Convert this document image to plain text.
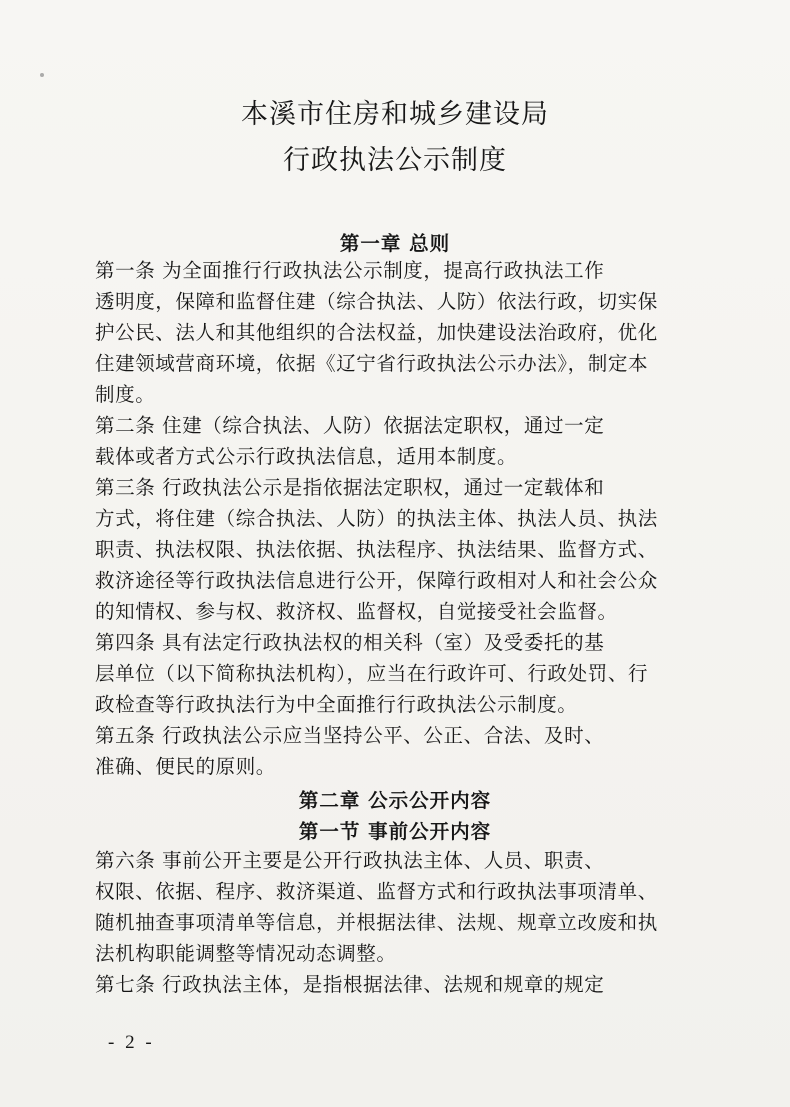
本溪市住房和城乡建设局
行政执法公示制度
第一章 总则
第一条 为全面推行行政执法公示制度，提高行政执法工作
透明度，保障和监督住建（综合执法、人防）依法行政，切实保
护公民、法人和其他组织的合法权益，加快建设法治政府，优化
住建领域营商环境，依据《辽宁省行政执法公示办法》，制定本
制度。
第二条 住建（综合执法、人防）依据法定职权，通过一定
载体或者方式公示行政执法信息，适用本制度。
第三条 行政执法公示是指依据法定职权，通过一定载体和
方式，将住建（综合执法、人防）的执法主体、执法人员、执法
职责、执法权限、执法依据、执法程序、执法结果、监督方式、
救济途径等行政执法信息进行公开，保障行政相对人和社会公众
的知情权、参与权、救济权、监督权，自觉接受社会监督。
第四条 具有法定行政执法权的相关科（室）及受委托的基
层单位（以下简称执法机构），应当在行政许可、行政处罚、行
政检查等行政执法行为中全面推行行政执法公示制度。
第五条 行政执法公示应当坚持公平、公正、合法、及时、
准确、便民的原则。
第二章 公示公开内容
第一节 事前公开内容
第六条 事前公开主要是公开行政执法主体、人员、职责、
权限、依据、程序、救济渠道、监督方式和行政执法事项清单、
随机抽查事项清单等信息，并根据法律、法规、规章立改废和执
法机构职能调整等情况动态调整。
第七条 行政执法主体，是指根据法律、法规和规章的规定
- 2 -
